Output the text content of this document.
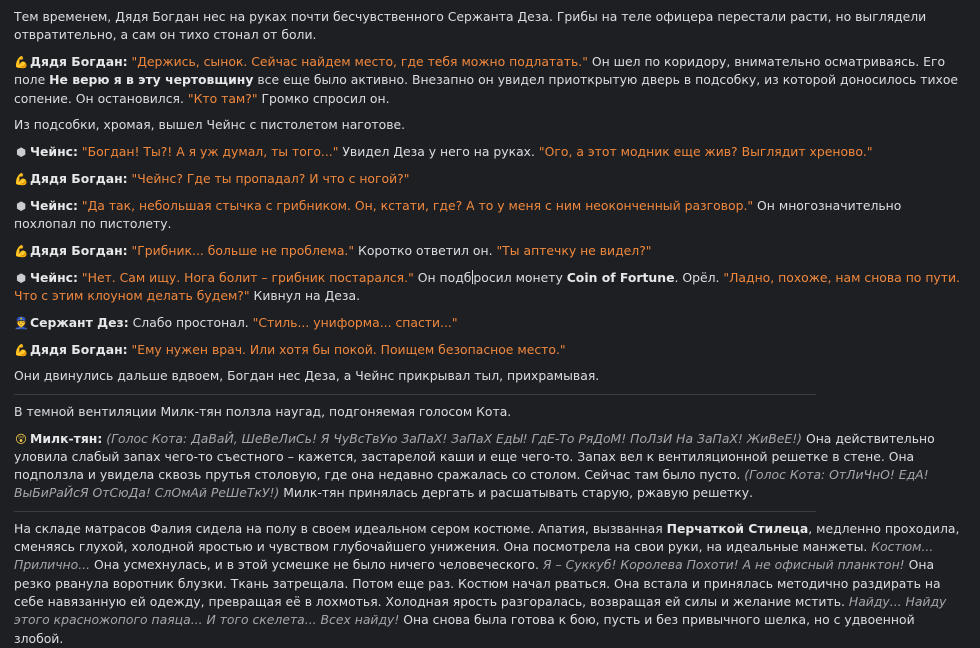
Тем временем, Дядя Богдан нес на руках почти бесчувственного Сержанта Деза. Грибы на теле офицера перестали расти, но выглядели отвратительно, а сам он тихо стонал от боли.
💪 Дядя Богдан: "Держись, сынок. Сейчас найдем место, где тебя можно подлатать." Он шел по коридору, внимательно осматриваясь. Его поле Не верю я в эту чертовщину все еще было активно. Внезапно он увидел приоткрытую дверь в подсобку, из которой доносилось тихое сопение. Он остановился. "Кто там?" Громко спросил он.
Из подсобки, хромая, вышел Чейнс с пистолетом наготове.
⬢ Чейнс: "Богдан! Ты?! А я уж думал, ты того..." Увидел Деза у него на руках. "Ого, а этот модник еще жив? Выглядит хреново."
💪 Дядя Богдан: "Чейнс? Где ты пропадал? И что с ногой?"
⬢ Чейнс: "Да так, небольшая стычка с грибником. Он, кстати, где? А то у меня с ним неоконченный разговор." Он многозначительно похлопал по пистолету.
💪 Дядя Богдан: "Грибник... больше не проблема." Коротко ответил он. "Ты аптечку не видел?"
⬢ Чейнс: "Нет. Сам ищу. Нога болит – грибник постарался." Он подб росил монету Coin of Fortune. Орёл. "Ладно, похоже, нам снова по пути. Что с этим клоуном делать будем?" Кивнул на Деза.
👮 Сержант Дез: Слабо простонал. "Стиль... униформа... спасти..."
💪 Дядя Богдан: "Ему нужен врач. Или хотя бы покой. Поищем безопасное место."
Они двинулись дальше вдвоем, Богдан нес Деза, а Чейнс прикрывал тыл, прихрамывая.
В темной вентиляции Милк-тян ползла наугад, подгоняемая голосом Кота.
😲 Милк-тян: (Голос Кота: ДаВаЙ, ШеВеЛиСь! Я ЧуВсТвУю ЗаПаХ! ЗаПаХ ЕдЫ! ГдЕ-То РяДоМ! ПоЛзИ На ЗаПаХ! ЖиВеЕ!) Она действительно уловила слабый запах чего-то съестного – кажется, застарелой каши и еще чего-то. Запах вел к вентиляционной решетке в стене. Она подползла и увидела сквозь прутья столовую, где она недавно сражалась со столом. Сейчас там было пусто. (Голос Кота: ОтЛиЧнО! ЕдА! ВыБиРаЙсЯ ОтСюДа! СлОмАй РеШеТкУ!) Милк-тян принялась дергать и расшатывать старую, ржавую решетку.
На складе матрасов Фалия сидела на полу в своем идеальном сером костюме. Апатия, вызванная Перчаткой Стилеца, медленно проходила, сменяясь глухой, холодной яростью и чувством глубочайшего унижения. Она посмотрела на свои руки, на идеальные манжеты. Костюм... Прилично... Она усмехнулась, и в этой усмешке не было ничего человеческого. Я – Суккуб! Королева Похоти! А не офисный планктон! Она резко рванула воротник блузки. Ткань затрещала. Потом еще раз. Костюм начал рваться. Она встала и принялась методично раздирать на себе навязанную ей одежду, превращая её в лохмотья. Холодная ярость разгоралась, возвращая ей силы и желание мстить. Найду... Найду этого красножопого паяца... И того скелета... Всех найду! Она снова была готова к бою, пусть и без привычного шелка, но с удвоенной злобой.
